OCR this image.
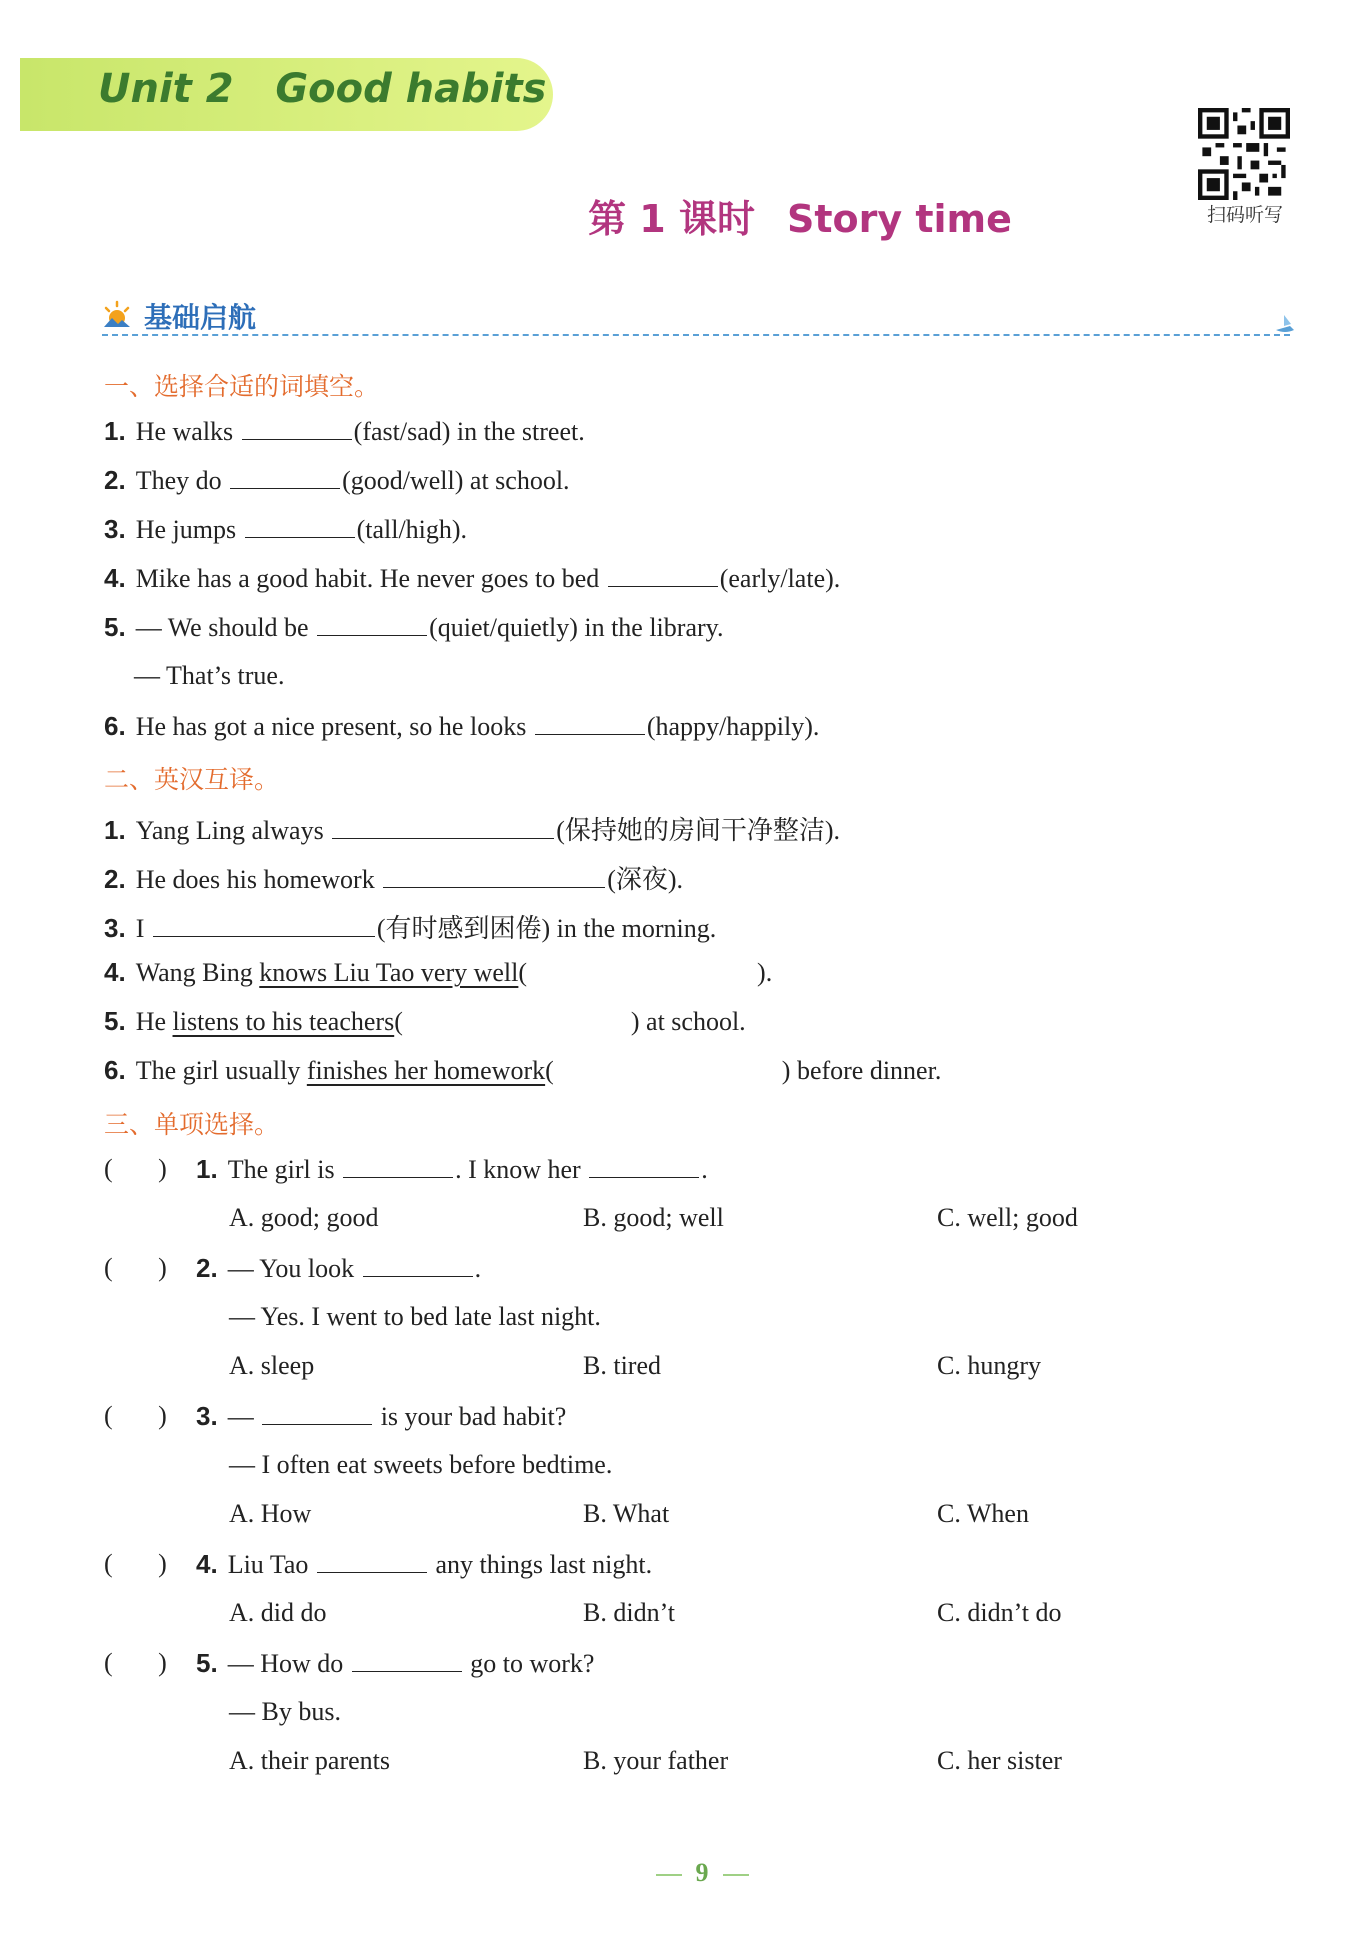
Unit 2 Good habits
扫码听写
第 1 课时 Story time
基础启航
一、选择合适的词填空。
1. He walks	(fast/sad) in the street.
2. They do	(good/well) at school.
3. He jumps	(tall/high).
4. Mike has a good habit. He never goes to bed	(early/late).
5. — We should be	(quiet/quietly) in the library.
— That’s true.
6. He has got a nice present, so he looks	(happy/happily).
二、英汉互译。
1. Yang Ling always	(保持她的房间干净整洁).
2. He does his homework	(深夜).
3. I	(有时感到困倦) in the morning.
4. Wang Bing knows Liu Tao very well(	).
5. He listens to his teachers(	) at school.
6. The girl usually finishes her homework(	) before dinner.
三、单项选择。
(       ) 1. The girl is	. I know her	.
A. good; good	B. good; well	C. well; good
(       ) 2. — You look	.
— Yes. I went to bed late last night.
A. sleep	B. tired	C. hungry
(       ) 3. —	is your bad habit?
— I often eat sweets before bedtime.
A. How	B. What	C. When
(       ) 4. Liu Tao	any things last night.
A. did do	B. didn’t	C. didn’t do
(       ) 5. — How do	go to work?
— By bus.
A. their parents	B. your father	C. her sister
9
